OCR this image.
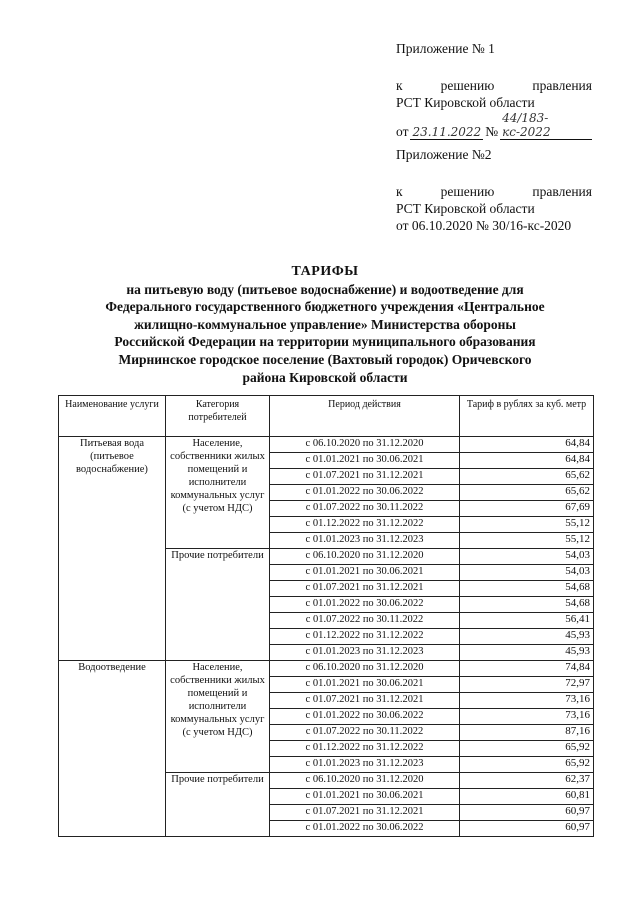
Приложение № 1
к	решению	правления
РСТ Кировской области
от 23.11.2022 №
44/183-кс-2022
Приложение №2
к	решению	правления
РСТ Кировской области
от 06.10.2020 № 30/16-кс-2020
ТАРИФЫ
на питьевую воду (питьевое водоснабжение) и водоотведение для
Федерального государственного бюджетного учреждения «Центральное
жилищно-коммунальное управление» Министерства обороны
Российской Федерации на территории муниципального образования
Мирнинское городское поселение (Вахтовый городок) Оричевского
района Кировской области
Наименование услуги	Категория потребителей	Период действия	Тариф в рублях за куб. метр
Питьевая вода (питьевое водоснабжение)	Население, собственники жилых помещений и исполнители коммунальных услуг (с учетом НДС)	с 06.10.2020 по 31.12.2020	64,84
		с 01.01.2021 по 30.06.2021	64,84
		с 01.07.2021 по 31.12.2021	65,62
		с 01.01.2022 по 30.06.2022	65,62
		с 01.07.2022 по 30.11.2022	67,69
		с 01.12.2022 по 31.12.2022	55,12
		с 01.01.2023 по 31.12.2023	55,12
	Прочие потребители	с 06.10.2020 по 31.12.2020	54,03
		с 01.01.2021 по 30.06.2021	54,03
		с 01.07.2021 по 31.12.2021	54,68
		с 01.01.2022 по 30.06.2022	54,68
		с 01.07.2022 по 30.11.2022	56,41
		с 01.12.2022 по 31.12.2022	45,93
		с 01.01.2023 по 31.12.2023	45,93
Водоотведение	Население, собственники жилых помещений и исполнители коммунальных услуг (с учетом НДС)	с 06.10.2020 по 31.12.2020	74,84
		с 01.01.2021 по 30.06.2021	72,97
		с 01.07.2021 по 31.12.2021	73,16
		с 01.01.2022 по 30.06.2022	73,16
		с 01.07.2022 по 30.11.2022	87,16
		с 01.12.2022 по 31.12.2022	65,92
		с 01.01.2023 по 31.12.2023	65,92
	Прочие потребители	с 06.10.2020 по 31.12.2020	62,37
		с 01.01.2021 по 30.06.2021	60,81
		с 01.07.2021 по 31.12.2021	60,97
		с 01.01.2022 по 30.06.2022	60,97
